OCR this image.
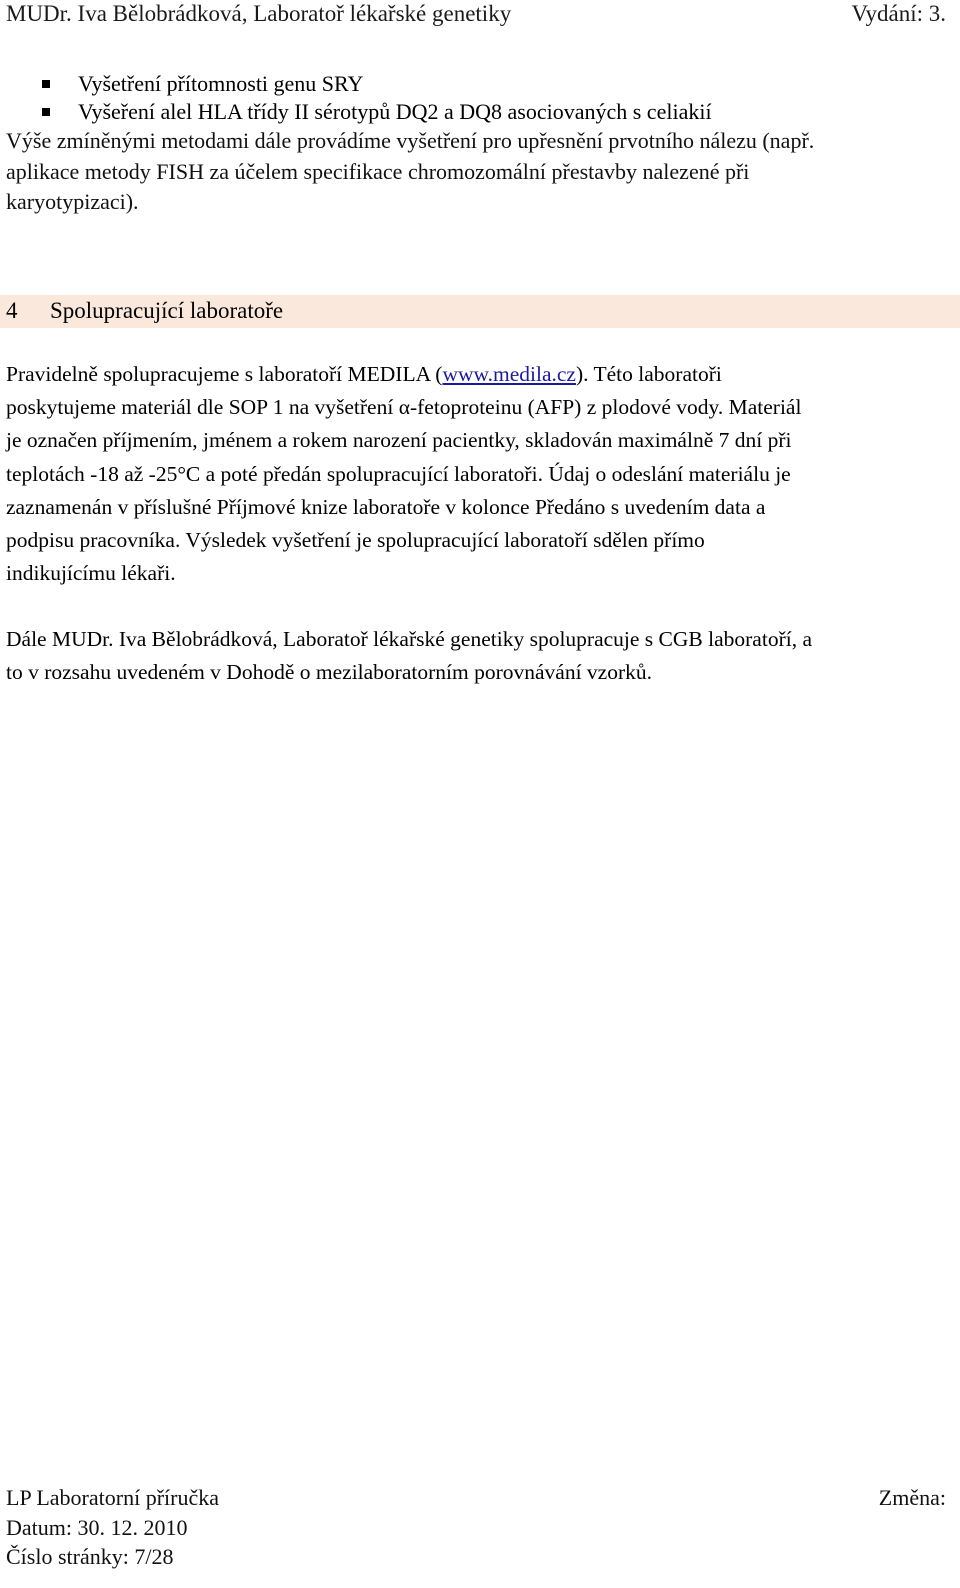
MUDr. Iva Bělobrádková, Laboratoř lékařské genetiky	Vydání: 3.
Vyšetření přítomnosti genu SRY
Vyšeření alel HLA třídy II sérotypů DQ2 a DQ8 asociovaných s celiakií
Výše zmíněnými metodami dále provádíme vyšetření pro upřesnění prvotního nálezu (např.
aplikace metody FISH za účelem specifikace chromozomální přestavby nalezené při
karyotypizaci).
4 Spolupracující laboratoře
Pravidelně spolupracujeme s laboratoří MEDILA (www.medila.cz). Této laboratoři
poskytujeme materiál dle SOP 1 na vyšetření α-fetoproteinu (AFP) z plodové vody. Materiál
je označen příjmením, jménem a rokem narození pacientky, skladován maximálně 7 dní při
teplotách -18 až -25°C a poté předán spolupracující laboratoři. Údaj o odeslání materiálu je
zaznamenán v příslušné Příjmové knize laboratoře v kolonce Předáno s uvedením data a
podpisu pracovníka. Výsledek vyšetření je spolupracující laboratoří sdělen přímo
indikujícímu lékaři.
Dále MUDr. Iva Bělobrádková, Laboratoř lékařské genetiky spolupracuje s CGB laboratoří, a
to v rozsahu uvedeném v Dohodě o mezilaboratorním porovnávání vzorků.
LP Laboratorní příručka	Změna:
Datum: 30. 12. 2010
Číslo stránky: 7/28
